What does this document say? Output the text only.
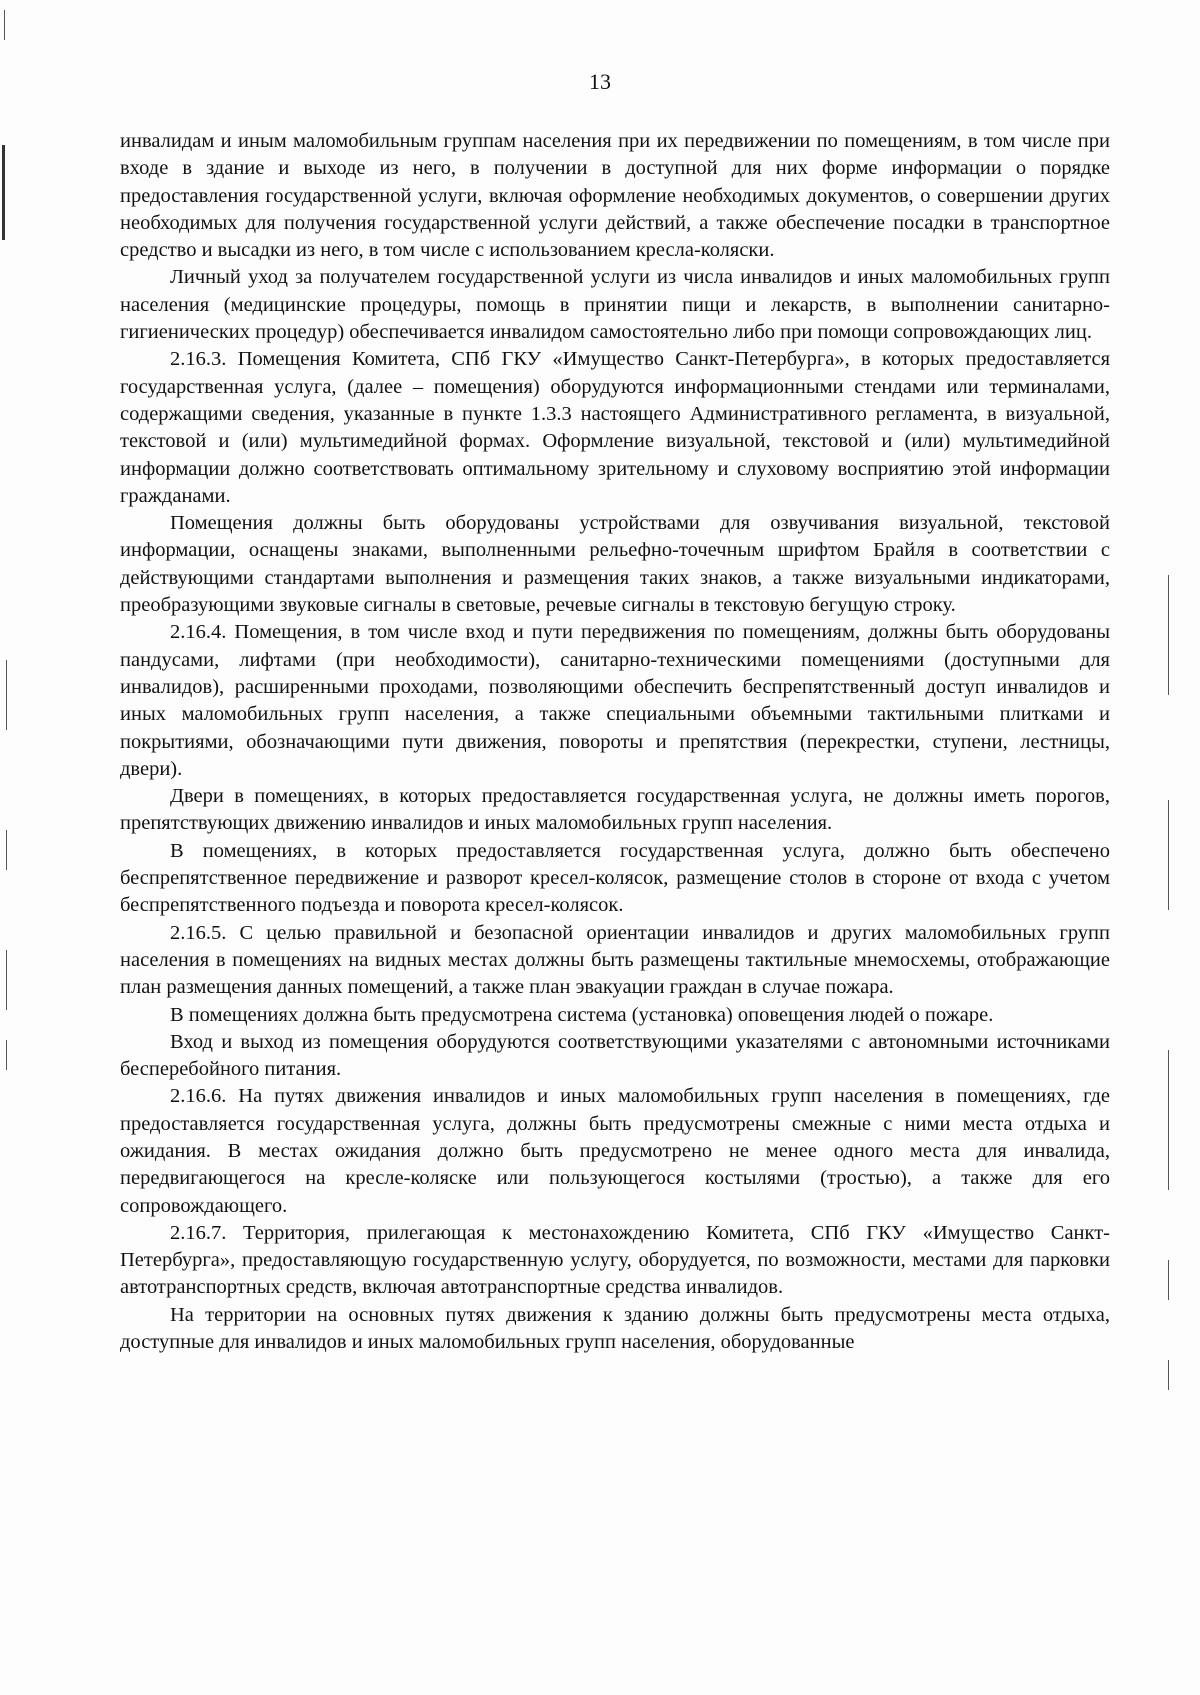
13

инвалидам и иным маломобильным группам населения при их передвижении по помещениям, в том числе при входе в здание и выходе из него, в получении в доступной для них форме информации о порядке предоставления государственной услуги, включая оформление необходимых документов, о совершении других необходимых для получения государственной услуги действий, а также обеспечение посадки в транспортное средство и высадки из него, в том числе с использованием кресла-коляски.

Личный уход за получателем государственной услуги из числа инвалидов и иных маломобильных групп населения (медицинские процедуры, помощь в принятии пищи и лекарств, в выполнении санитарно-гигиенических процедур) обеспечивается инвалидом самостоятельно либо при помощи сопровождающих лиц.

2.16.3. Помещения Комитета, СПб ГКУ «Имущество Санкт-Петербурга», в которых предоставляется государственная услуга, (далее – помещения) оборудуются информационными стендами или терминалами, содержащими сведения, указанные в пункте 1.3.3 настоящего Административного регламента, в визуальной, текстовой и (или) мультимедийной формах. Оформление визуальной, текстовой и (или) мультимедийной информации должно соответствовать оптимальному зрительному и слуховому восприятию этой информации гражданами.

Помещения должны быть оборудованы устройствами для озвучивания визуальной, текстовой информации, оснащены знаками, выполненными рельефно-точечным шрифтом Брайля в соответствии с действующими стандартами выполнения и размещения таких знаков, а также визуальными индикаторами, преобразующими звуковые сигналы в световые, речевые сигналы в текстовую бегущую строку.

2.16.4. Помещения, в том числе вход и пути передвижения по помещениям, должны быть оборудованы пандусами, лифтами (при необходимости), санитарно-техническими помещениями (доступными для инвалидов), расширенными проходами, позволяющими обеспечить беспрепятственный доступ инвалидов и иных маломобильных групп населения, а также специальными объемными тактильными плитками и покрытиями, обозначающими пути движения, повороты и препятствия (перекрестки, ступени, лестницы, двери).

Двери в помещениях, в которых предоставляется государственная услуга, не должны иметь порогов, препятствующих движению инвалидов и иных маломобильных групп населения.

В помещениях, в которых предоставляется государственная услуга, должно быть обеспечено беспрепятственное передвижение и разворот кресел-колясок, размещение столов в стороне от входа с учетом беспрепятственного подъезда и поворота кресел-колясок.

2.16.5. С целью правильной и безопасной ориентации инвалидов и других маломобильных групп населения в помещениях на видных местах должны быть размещены тактильные мнемосхемы, отображающие план размещения данных помещений, а также план эвакуации граждан в случае пожара.

В помещениях должна быть предусмотрена система (установка) оповещения людей о пожаре.

Вход и выход из помещения оборудуются соответствующими указателями с автономными источниками бесперебойного питания.

2.16.6. На путях движения инвалидов и иных маломобильных групп населения в помещениях, где предоставляется государственная услуга, должны быть предусмотрены смежные с ними места отдыха и ожидания. В местах ожидания должно быть предусмотрено не менее одного места для инвалида, передвигающегося на кресле-коляске или пользующегося костылями (тростью), а также для его сопровождающего.

2.16.7. Территория, прилегающая к местонахождению Комитета, СПб ГКУ «Имущество Санкт-Петербурга», предоставляющую государственную услугу, оборудуется, по возможности, местами для парковки автотранспортных средств, включая автотранспортные средства инвалидов.

На территории на основных путях движения к зданию должны быть предусмотрены места отдыха, доступные для инвалидов и иных маломобильных групп населения, оборудованные
